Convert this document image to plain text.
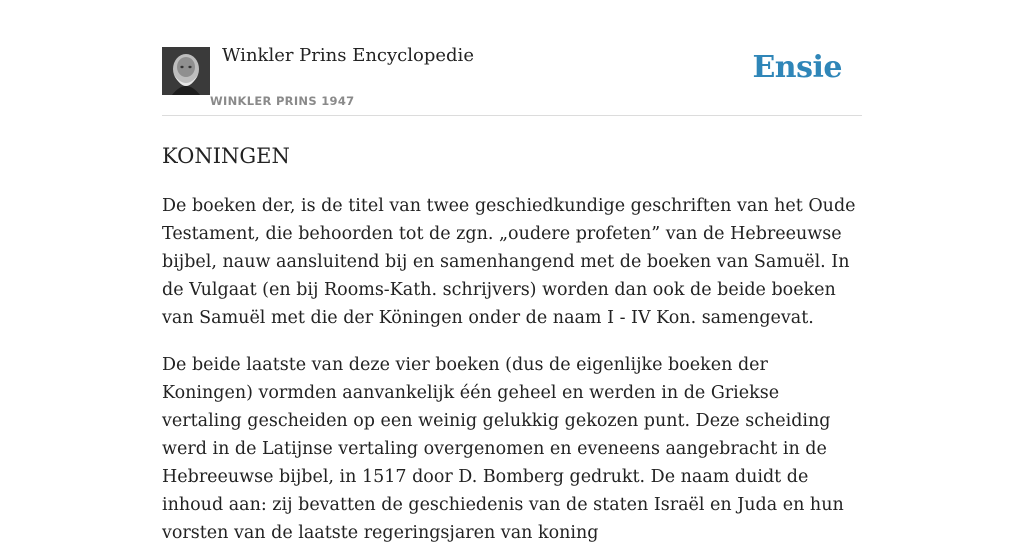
Winkler Prins Encyclopedie
WINKLER PRINS 1947
Ensie
KONINGEN

De boeken der, is de titel van twee geschiedkundige geschriften van het Oude Testament, die behoorden tot de zgn. „oudere profeten” van de Hebreeuwse bijbel, nauw aansluitend bij en samenhangend met de boeken van Samuël. In de Vulgaat (en bij Rooms-Kath. schrijvers) worden dan ook de beide boeken van Samuël met die der Köningen onder de naam I - IV Kon. samengevat.

De beide laatste van deze vier boeken (dus de eigenlijke boeken der Koningen) vormden aanvankelijk één geheel en werden in de Griekse vertaling gescheiden op een weinig gelukkig gekozen punt. Deze scheiding werd in de Latijnse vertaling overgenomen en eveneens aangebracht in de Hebreeuwse bijbel, in 1517 door D. Bomberg gedrukt. De naam duidt de inhoud aan: zij bevatten de geschiedenis van de staten Israël en Juda en hun vorsten van de laatste regeringsjaren van koning
